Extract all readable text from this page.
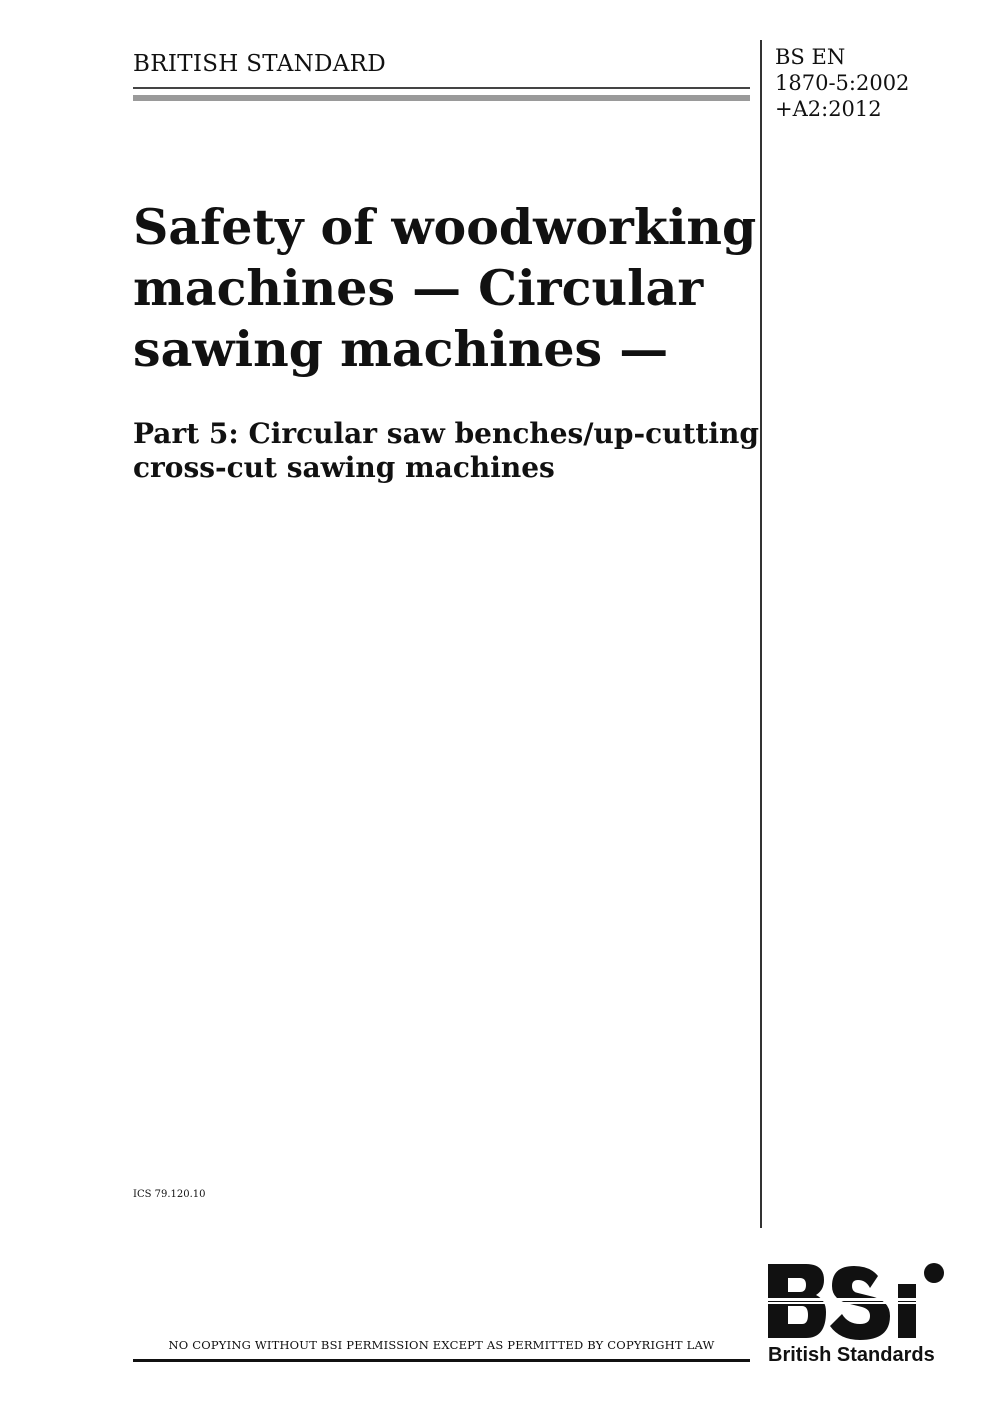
BRITISH STANDARD	BS EN
1870-5:2002
+A2:2012
Safety of woodworking
machines — Circular
sawing machines —
Part 5: Circular saw benches/up-cutting
cross-cut sawing machines
ICS 79.120.10
NO COPYING WITHOUT BSI PERMISSION EXCEPT AS PERMITTED BY COPYRIGHT LAW	British Standards
